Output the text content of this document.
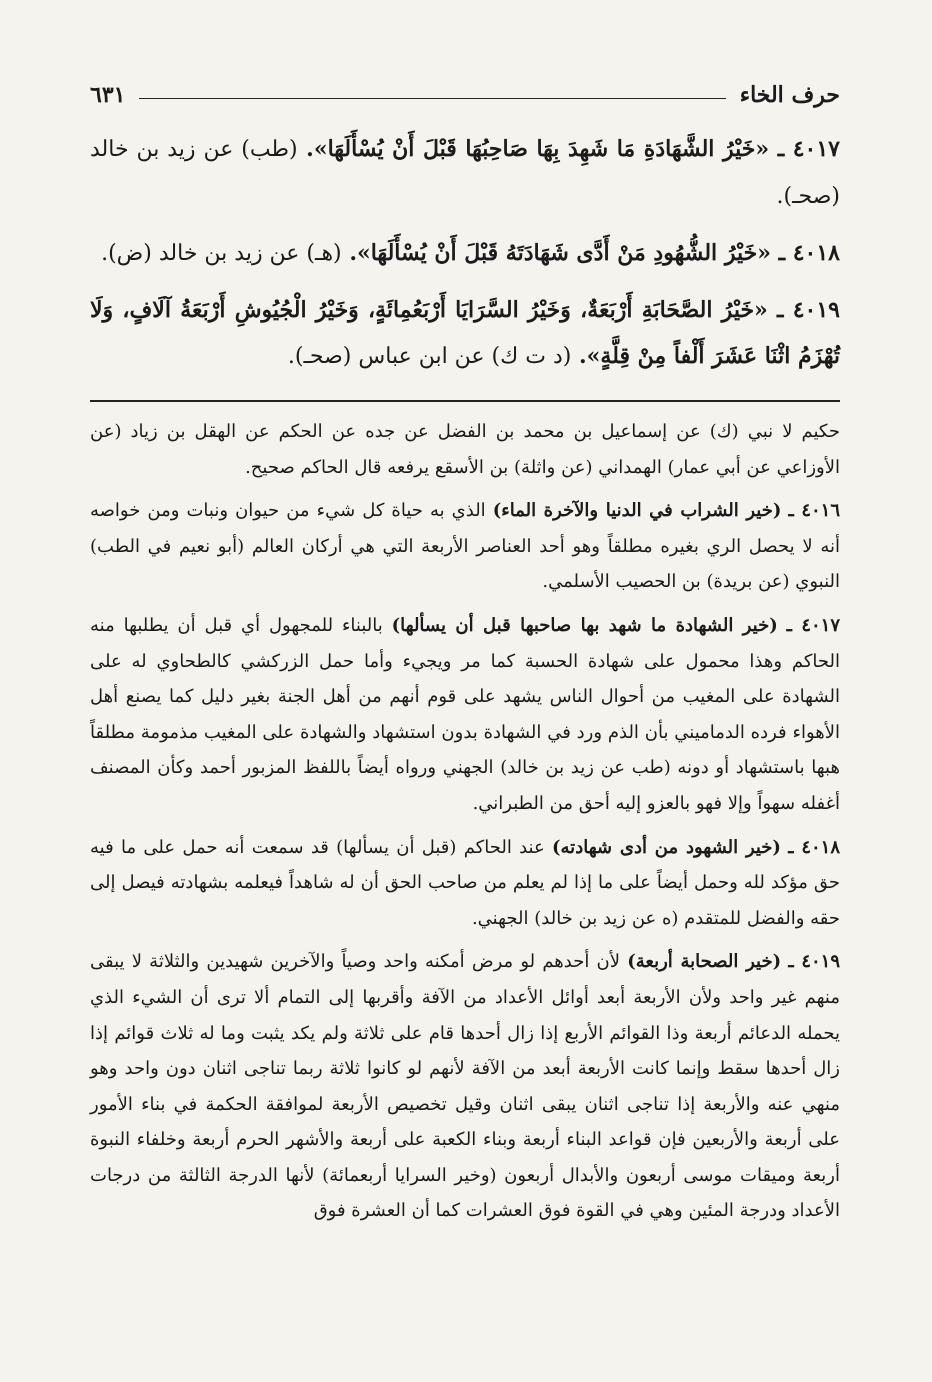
حرف الخاء
٦٣١

٤٠١٧ ـ «خَيْرُ الشَّهَادَةِ مَا شَهِدَ بِهَا صَاحِبُهَا قَبْلَ أَنْ يُسْأَلَهَا». (طب) عن زيد بن خالد (صحـ).

٤٠١٨ ـ «خَيْرُ الشُّهُودِ مَنْ أَدَّى شَهَادَتَهُ قَبْلَ أَنْ يُسْأَلَهَا». (هـ) عن زيد بن خالد (ض).

٤٠١٩ ـ «خَيْرُ الصَّحَابَةِ أَرْبَعَةٌ، وَخَيْرُ السَّرَايَا أَرْبَعُمِائَةٍ، وَخَيْرُ الْجُيُوشِ أَرْبَعَةُ آلَافٍ، وَلَا تُهْزَمُ اثْنَا عَشَرَ أَلْفاً مِنْ قِلَّةٍ». (د ت ك) عن ابن عباس (صحـ).

حكيم لا نبي (ك) عن إسماعيل بن محمد بن الفضل عن جده عن الحكم عن الهقل بن زياد (عن الأوزاعي عن أبي عمار) الهمداني (عن واثلة) بن الأسقع يرفعه قال الحاكم صحيح.

٤٠١٦ ـ (خير الشراب في الدنيا والآخرة الماء) الذي به حياة كل شيء من حيوان ونبات ومن خواصه أنه لا يحصل الري بغيره مطلقاً وهو أحد العناصر الأربعة التي هي أركان العالم (أبو نعيم في الطب) النبوي (عن بريدة) بن الحصيب الأسلمي.

٤٠١٧ ـ (خير الشهادة ما شهد بها صاحبها قبل أن يسألها) بالبناء للمجهول أي قبل أن يطلبها منه الحاكم وهذا محمول على شهادة الحسبة كما مر ويجيء وأما حمل الزركشي كالطحاوي له على الشهادة على المغيب من أحوال الناس يشهد على قوم أنهم من أهل الجنة بغير دليل كما يصنع أهل الأهواء فرده الدماميني بأن الذم ورد في الشهادة بدون استشهاد والشهادة على المغيب مذمومة مطلقاً هبها باستشهاد أو دونه (طب عن زيد بن خالد) الجهني ورواه أيضاً باللفظ المزبور أحمد وكأن المصنف أغفله سهواً وإلا فهو بالعزو إليه أحق من الطبراني.

٤٠١٨ ـ (خير الشهود من أدى شهادته) عند الحاكم (قبل أن يسألها) قد سمعت أنه حمل على ما فيه حق مؤكد لله وحمل أيضاً على ما إذا لم يعلم من صاحب الحق أن له شاهداً فيعلمه بشهادته فيصل إلى حقه والفضل للمتقدم (ه عن زيد بن خالد) الجهني.

٤٠١٩ ـ (خير الصحابة أربعة) لأن أحدهم لو مرض أمكنه واحد وصياً والآخرين شهيدين والثلاثة لا يبقى منهم غير واحد ولأن الأربعة أبعد أوائل الأعداد من الآفة وأقربها إلى التمام ألا ترى أن الشيء الذي يحمله الدعائم أربعة وذا القوائم الأربع إذا زال أحدها قام على ثلاثة ولم يكد يثبت وما له ثلاث قوائم إذا زال أحدها سقط وإنما كانت الأربعة أبعد من الآفة لأنهم لو كانوا ثلاثة ربما تناجى اثنان دون واحد وهو منهي عنه والأربعة إذا تناجى اثنان يبقى اثنان وقيل تخصيص الأربعة لموافقة الحكمة في بناء الأمور على أربعة والأربعين فإن قواعد البناء أربعة وبناء الكعبة على أربعة والأشهر الحرم أربعة وخلفاء النبوة أربعة وميقات موسى أربعون والأبدال أربعون (وخير السرايا أربعمائة) لأنها الدرجة الثالثة من درجات الأعداد ودرجة المئين وهي في القوة فوق العشرات كما أن العشرة فوق
